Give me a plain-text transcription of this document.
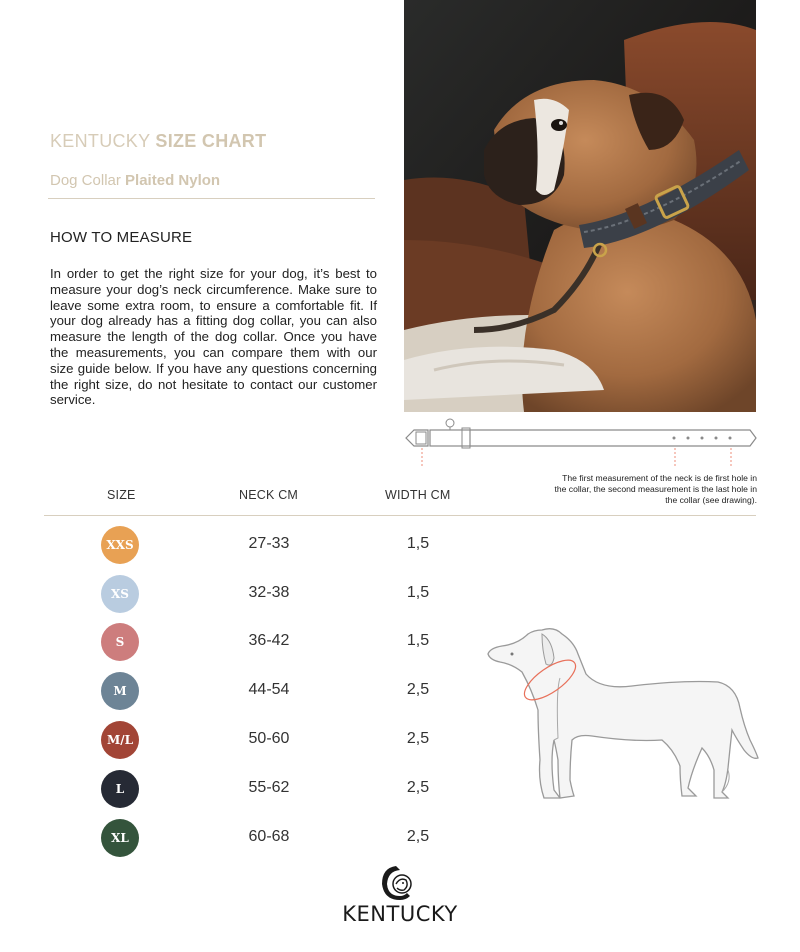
KENTUCKY SIZE CHART
Dog Collar Plaited Nylon
HOW TO MEASURE

In order to get the right size for your dog, it’s best to measure your dog’s neck circumference. Make sure to leave some extra room, to ensure a comfortable fit. If your dog already has a fitting dog collar, you can also measure the length of the dog collar. Once you have the measurements, you can compare them with our size guide below. If you have any questions concerning the right size, do not hesitate to contact our customer service.

The first measurement of the neck is de first hole in the collar, the second measurement is the last hole in the collar (see drawing).

SIZE	NECK CM	WIDTH CM
XXS	27-33	1,5
XS	32-38	1,5
S	36-42	1,5
M	44-54	2,5
M/L	50-60	2,5
L	55-62	2,5
XL	60-68	2,5
KENTUCKY
